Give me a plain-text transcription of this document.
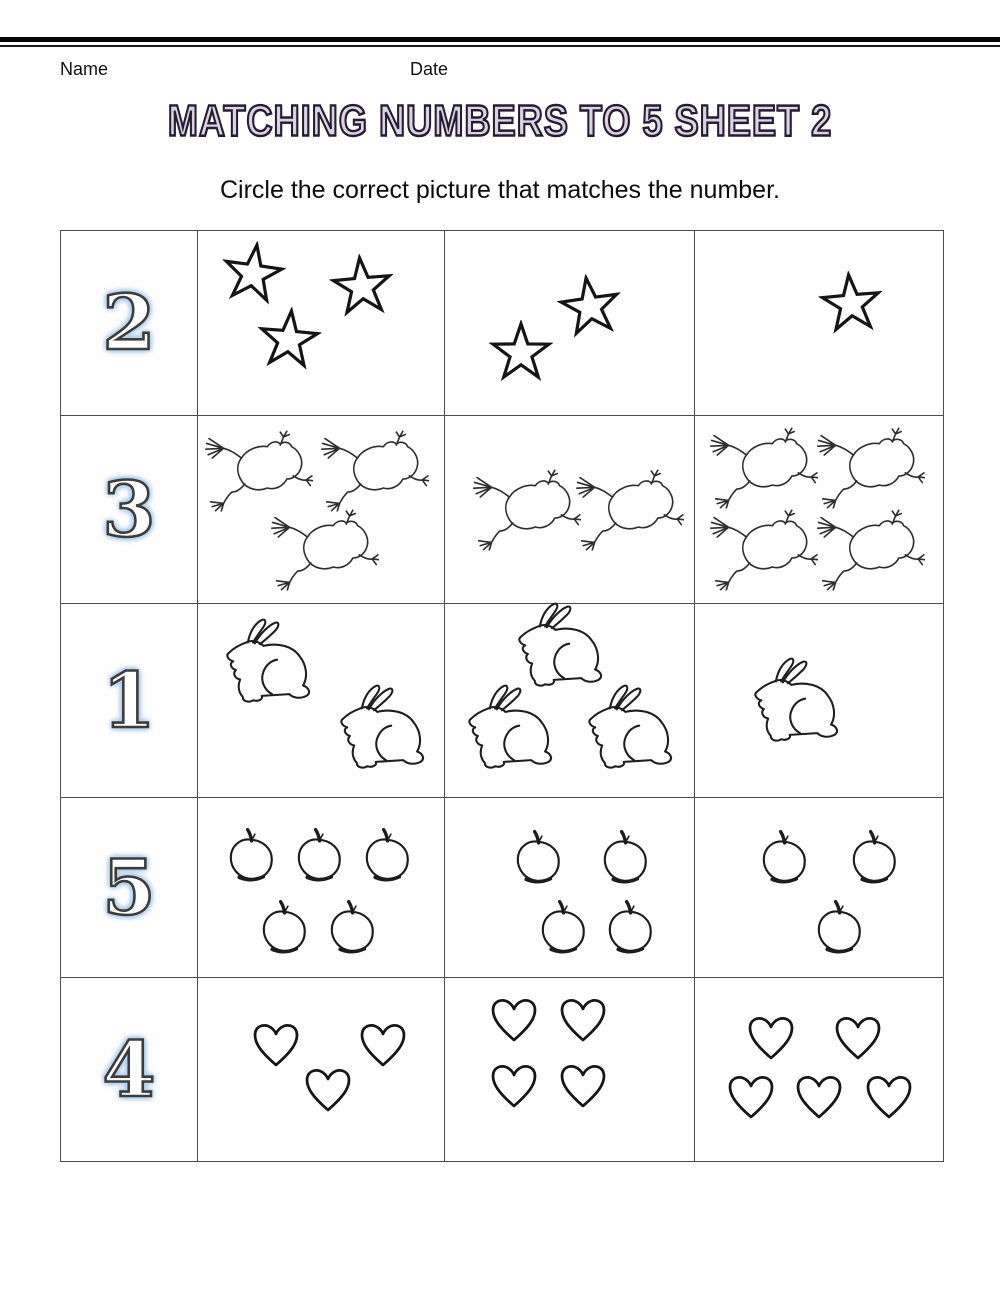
Name	Date
MATCHING NUMBERS TO 5 SHEET 2

Circle the correct picture that matches the number.

2
3
1
5
4
